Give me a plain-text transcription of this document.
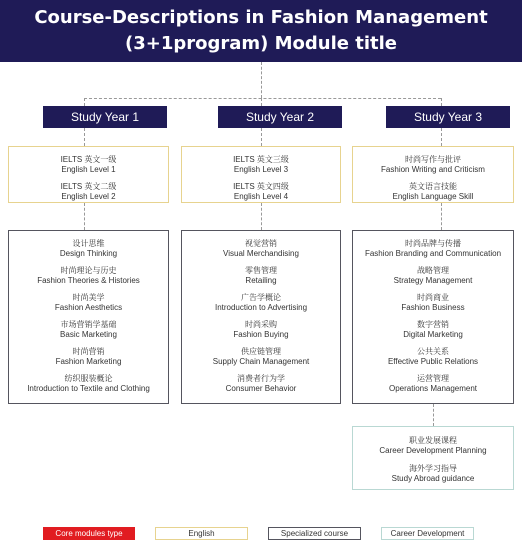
Course-Descriptions in Fashion Management
(3+1program) Module title
Study Year 1	Study Year 2	Study Year 3
IELTS 英文一级
English Level 1
IELTS 英文二级
English Level 2
IELTS 英文三级
English Level 3
IELTS 英文四级
English Level 4
时尚写作与批评
Fashion Writing and Criticism
英文语言技能
English Language Skill
设计思维
Design Thinking
时尚理论与历史
Fashion Theories & Histories
时尚美学
Fashion Aesthetics
市场营销学基础
Basic Marketing
时尚营销
Fashion Marketing
纺织服装概论
Introduction to Textile and Clothing
视觉营销
Visual Merchandising
零售管理
Retailing
广告学概论
Introduction to Advertising
时尚采购
Fashion Buying
供应链管理
Supply Chain Management
消费者行为学
Consumer Behavior
时尚品牌与传播
Fashion Branding and Communication
战略管理
Strategy Management
时尚商业
Fashion Business
数字营销
Digital Marketing
公共关系
Effective Public Relations
运营管理
Operations Management
职业发展课程
Career Development Planning
海外学习指导
Study Abroad guidance
Core modules type	English	Specialized course	Career Development
